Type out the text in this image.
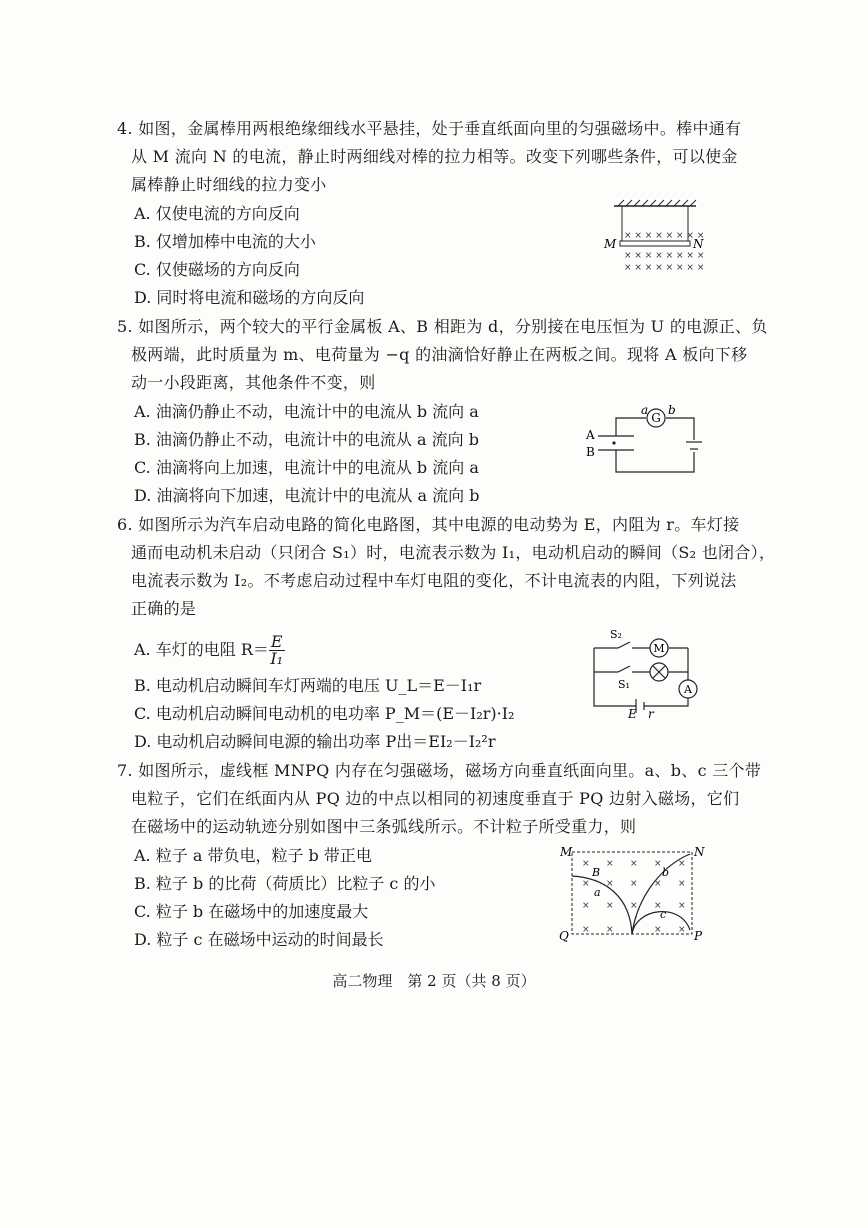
4. 如图，金属棒用两根绝缘细线水平悬挂，处于垂直纸面向里的匀强磁场中。棒中通有
从 M 流向 N 的电流，静止时两细线对棒的拉力相等。改变下列哪些条件，可以使金
属棒静止时细线的拉力变小
A. 仅使电流的方向反向
B. 仅增加棒中电流的大小
C. 仅使磁场的方向反向
D. 同时将电流和磁场的方向反向
M	N
× × × × × × × ×
× × × × × × × ×
× × × × × × × ×
5. 如图所示，两个较大的平行金属板 A、B 相距为 d，分别接在电压恒为 U 的电源正、负
极两端，此时质量为 m、电荷量为 −q 的油滴恰好静止在两板之间。现将 A 板向下移
动一小段距离，其他条件不变，则
A. 油滴仍静止不动，电流计中的电流从 b 流向 a
B. 油滴仍静止不动，电流计中的电流从 a 流向 b
C. 油滴将向上加速，电流计中的电流从 b 流向 a
D. 油滴将向下加速，电流计中的电流从 a 流向 b
G
a b
A
B
6. 如图所示为汽车启动电路的简化电路图，其中电源的电动势为 E，内阻为 r。车灯接
通而电动机未启动（只闭合 S₁）时，电流表示数为 I₁，电动机启动的瞬间（S₂ 也闭合），
电流表示数为 I₂。不考虑启动过程中车灯电阻的变化，不计电流表的内阻，下列说法
正确的是
A. 车灯的电阻 $R= \frac{E}{\text{I₁}}$
B. 电动机启动瞬间车灯两端的电压 U_L＝E－I₁r
C. 电动机启动瞬间电动机的电功率 P_M＝(E－I₂r)·I₂
D. 电动机启动瞬间电源的输出功率 P出＝EI₂－I₂²r
M
A
S₂
S₁
E r
7. 如图所示，虚线框 MNPQ 内存在匀强磁场，磁场方向垂直纸面向里。a、b、c 三个带
电粒子，它们在纸面内从 PQ 边的中点以相同的初速度垂直于 PQ 边射入磁场，它们
在磁场中的运动轨迹分别如图中三条弧线所示。不计粒子所受重力，则
A. 粒子 a 带负电，粒子 b 带正电
B. 粒子 b 的比荷（荷质比）比粒子 c 的小
C. 粒子 b 在磁场中的加速度最大
D. 粒子 c 在磁场中运动的时间最长
× × × × ×
× × × × ×
× × × × ×
× ×	× ×
M	N
Q	P
B
a
b
c
高二物理　第 2 页（共 8 页）
